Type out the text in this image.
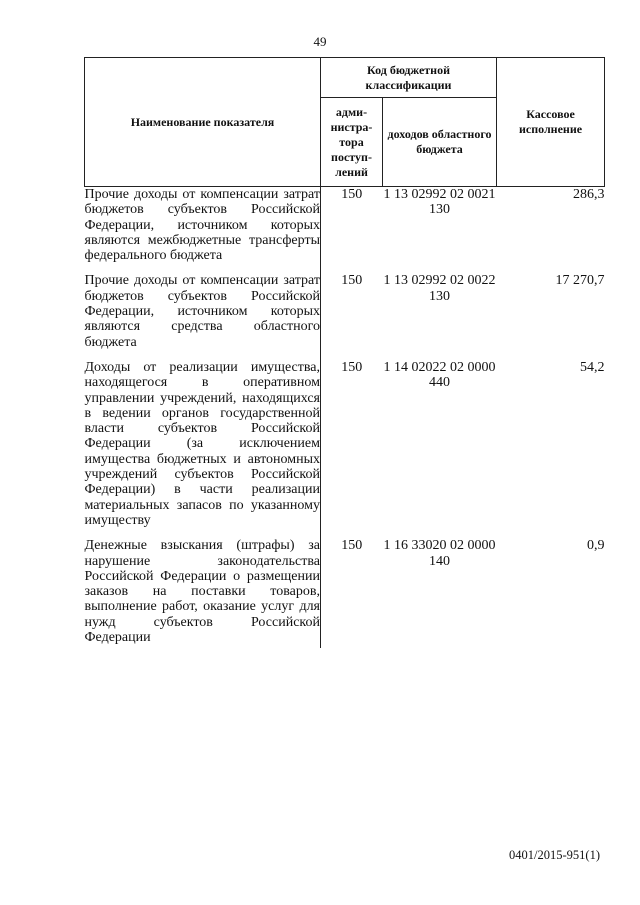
49
Наименование показателя	Код бюджетной классификации		Кассовое исполнение
	адми-нистра-тора поступ-лений	доходов областного бюджета	
Прочие доходы от компенсации затрат бюджетов субъектов Российской Федерации, источником которых являются межбюджетные трансферты федерального бюджета	150	1 13 02992 02 0021 130	286,3
Прочие доходы от компенсации затрат бюджетов субъектов Российской Федерации, источником которых являются средства областного бюджета	150	1 13 02992 02 0022 130	17 270,7
Доходы от реализации имущества, находящегося в оперативном управлении учреждений, находящихся в ведении органов государственной власти субъектов Российской Федерации (за исключением имущества бюджетных и автономных учреждений субъектов Российской Федерации) в части реализации материальных запасов по указанному имуществу	150	1 14 02022 02 0000 440	54,2
Денежные взыскания (штрафы) за нарушение законодательства Российской Федерации о размещении заказов на поставки товаров, выполнение работ, оказание услуг для нужд субъектов Российской Федерации	150	1 16 33020 02 0000 140	0,9
0401/2015-951(1)
